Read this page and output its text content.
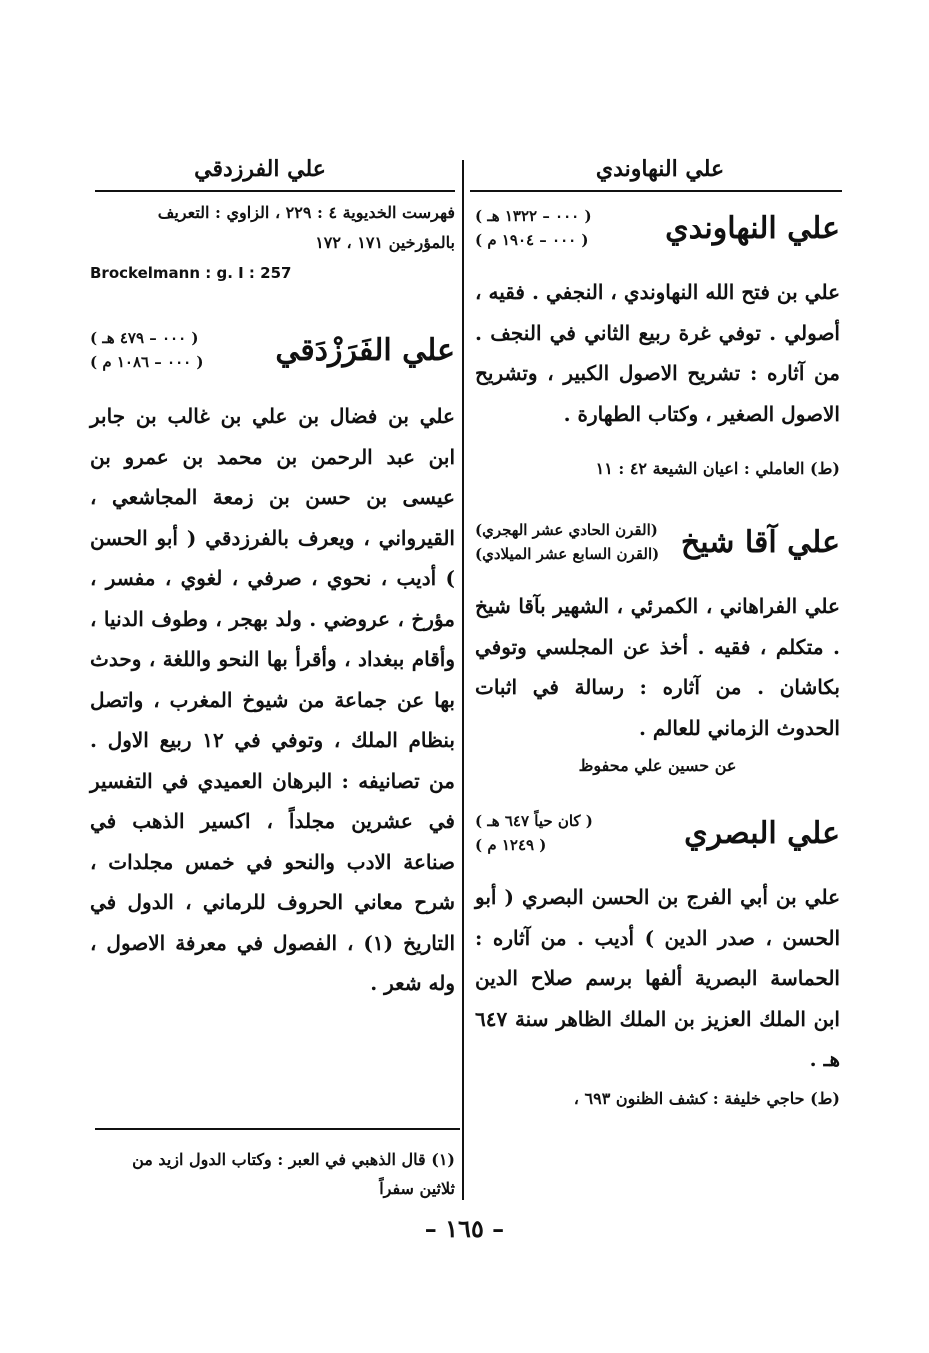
علي النهاوندي
علي الفرزدقي
علي النهاوندي
( ٠٠٠ – ١٣٢٢ هـ )
( ٠٠٠ – ١٩٠٤ م )

علي بن فتح الله النهاوندي ، النجفي . فقيه ، أصولي . توفي غرة ربيع الثاني في النجف . من آثاره : تشريح الاصول الكبير ، وتشريح الاصول الصغير ، وكتاب الطهارة .

(ط) العاملي : اعيان الشيعة ٤٢ : ١١

علي آقا شيخ
(القرن الحادي عشر الهجري)
(القرن السابع عشر الميلادي)

علي الفراهاني ، الكمرئي ، الشهير بآقا شيخ . متكلم ، فقيه . أخذ عن المجلسي وتوفي بكاشان . من آثاره : رسالة في اثبات الحدوث الزماني للعالم .

عن حسين علي محفوظ

علي البصري
( كان حياً ٦٤٧ هـ )
( ١٢٤٩ م )

علي بن أبي الفرج بن الحسن البصري ( أبو الحسن ، صدر الدين ) أديب . من آثاره : الحماسة البصرية ألفها برسم صلاح الدين ابن الملك العزيز بن الملك الظاهر سنة ٦٤٧ هـ .

(ط) حاجي خليفة : كشف الظنون ٦٩٣ ،

فهرست الخديوية ٤ : ٢٢٩ ، الزاوي : التعريف بالمؤرخين ١٧١ ، ١٧٢

Brockelmann : g. I : 257

علي الفَرَزْدَقي
( ٠٠٠ – ٤٧٩ هـ )
( ٠٠٠ – ١٠٨٦ م )

علي بن فضال بن علي بن غالب بن جابر ابن عبد الرحمن بن محمد بن عمرو بن عيسى بن حسن بن زمعة المجاشعي ، القيرواني ، ويعرف بالفرزدقي ( أبو الحسن ) أديب ، نحوي ، صرفي ، لغوي ، مفسر ، مؤرخ ، عروضي . ولد بهجر ، وطوف الدنيا ، وأقام ببغداد ، وأقرأ بها النحو واللغة ، وحدث بها عن جماعة من شيوخ المغرب ، واتصل بنظام الملك ، وتوفي في ١٢ ربيع الاول . من تصانيفه : البرهان العميدي في التفسير في عشرين مجلداً ، اكسير الذهب في صناعة الادب والنحو في خمس مجلدات ، شرح معاني الحروف للرماني ، الدول في التاريخ (١) ، الفصول في معرفة الاصول ، وله شعر .

(١) قال الذهبي في العبر : وكتاب الدول ازيد من ثلاثين سفراً
– ١٦٥ –
